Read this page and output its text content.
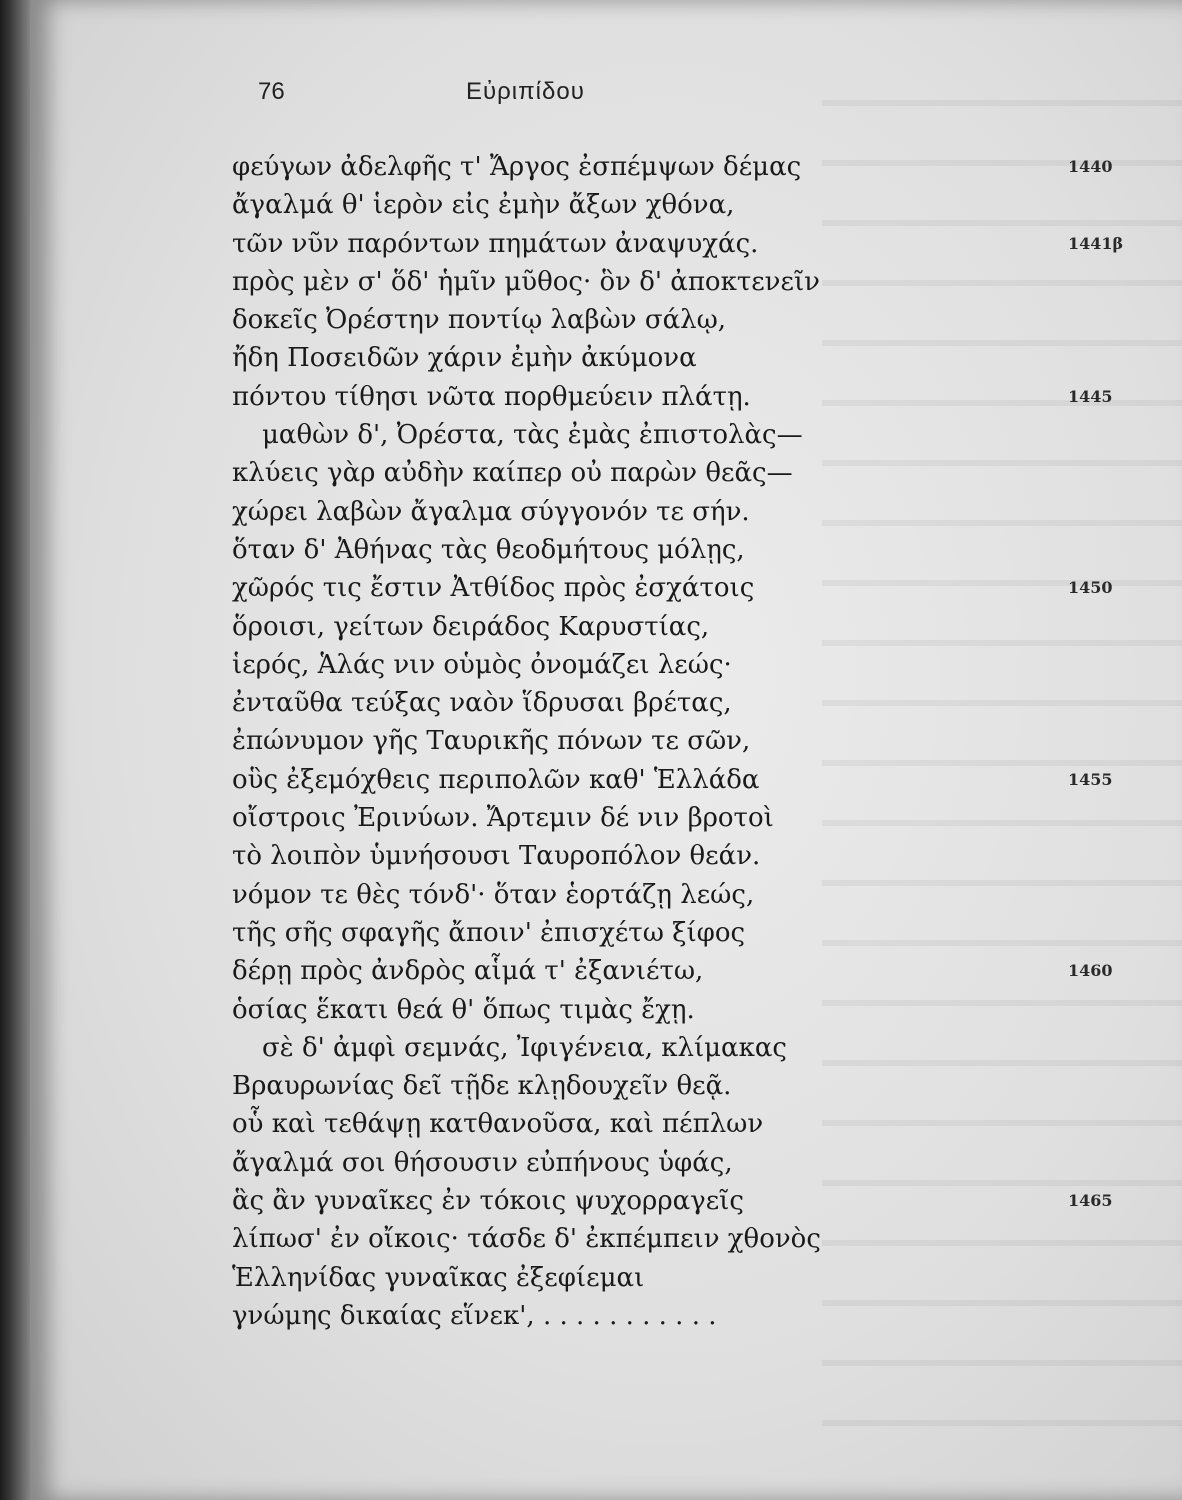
76	Εὐριπίδου
φεύγων ἀδελφῆς τ' Ἄργος ἐσπέμψων δέμας	1440
ἄγαλμά θ' ἱερὸν εἰς ἐμὴν ἄξων χθόνα,
τῶν νῦν παρόντων πημάτων ἀναψυχάς.	1441β
πρὸς μὲν σ' ὅδ' ἡμῖν μῦθος· ὃν δ' ἀποκτενεῖν
δοκεῖς Ὀρέστην ποντίῳ λαβὼν σάλῳ,
ἤδη Ποσειδῶν χάριν ἐμὴν ἀκύμονα
πόντου τίθησι νῶτα πορθμεύειν πλάτῃ.	1445
μαθὼν δ', Ὀρέστα, τὰς ἐμὰς ἐπιστολὰς—
κλύεις γὰρ αὐδὴν καίπερ οὐ παρὼν θεᾶς—
χώρει λαβὼν ἄγαλμα σύγγονόν τε σήν.
ὅταν δ' Ἀθήνας τὰς θεοδμήτους μόλῃς,
χῶρός τις ἔστιν Ἀτθίδος πρὸς ἐσχάτοις	1450
ὅροισι, γείτων δειράδος Καρυστίας,
ἱερός, Ἁλάς νιν οὑμὸς ὀνομάζει λεώς·
ἐνταῦθα τεύξας ναὸν ἵδρυσαι βρέτας,
ἐπώνυμον γῆς Ταυρικῆς πόνων τε σῶν,
οὓς ἐξεμόχθεις περιπολῶν καθ' Ἑλλάδα	1455
οἴστροις Ἐρινύων. Ἄρτεμιν δέ νιν βροτοὶ
τὸ λοιπὸν ὑμνήσουσι Ταυροπόλον θεάν.
νόμον τε θὲς τόνδ'· ὅταν ἑορτάζῃ λεώς,
τῆς σῆς σφαγῆς ἄποιν' ἐπισχέτω ξίφος
δέρῃ πρὸς ἀνδρὸς αἷμά τ' ἐξανιέτω,	1460
ὁσίας ἕκατι θεά θ' ὅπως τιμὰς ἔχῃ.
σὲ δ' ἀμφὶ σεμνάς, Ἰφιγένεια, κλίμακας
Βραυρωνίας δεῖ τῇδε κλῃδουχεῖν θεᾷ.
οὗ καὶ τεθάψῃ κατθανοῦσα, καὶ πέπλων
ἄγαλμά σοι θήσουσιν εὐπήνους ὑφάς,
ἃς ἂν γυναῖκες ἐν τόκοις ψυχορραγεῖς	1465
λίπωσ' ἐν οἴκοις· τάσδε δ' ἐκπέμπειν χθονὸς
Ἑλληνίδας γυναῖκας ἐξεφίεμαι
γνώμης δικαίας εἵνεκ', . . . . . . . . . . .
